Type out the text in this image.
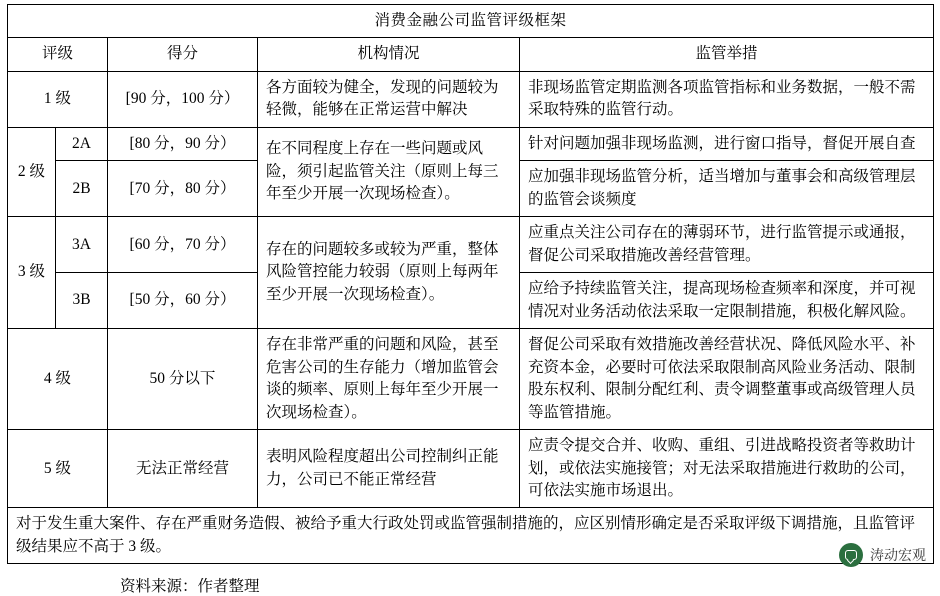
消费金融公司监管评级框架				
评级		得分	机构情况	监管举措
1 级		[90 分，100 分）	各方面较为健全，发现的问题较为轻微，能够在正常运营中解决	非现场监管定期监测各项监管指标和业务数据，一般不需采取特殊的监管行动。
2 级	2A	[80 分，90 分）	在不同程度上存在一些问题或风险，须引起监管关注（原则上每三年至少开展一次现场检查）。	针对问题加强非现场监测，进行窗口指导，督促开展自查
	2B	[70 分，80 分）		应加强非现场监管分析，适当增加与董事会和高级管理层的监管会谈频度
3 级	3A	[60 分，70 分）	存在的问题较多或较为严重，整体风险管控能力较弱（原则上每两年至少开展一次现场检查）。	应重点关注公司存在的薄弱环节，进行监管提示或通报，督促公司采取措施改善经营管理。
	3B	[50 分，60 分）		应给予持续监管关注，提高现场检查频率和深度，并可视情况对业务活动依法采取一定限制措施，积极化解风险。
4 级		50 分以下	存在非常严重的问题和风险，甚至危害公司的生存能力（增加监管会谈的频率、原则上每年至少开展一次现场检查）。	督促公司采取有效措施改善经营状况、降低风险水平、补充资本金，必要时可依法采取限制高风险业务活动、限制股东权利、限制分配红利、责令调整董事或高级管理人员等监管措施。
5 级		无法正常经营	表明风险程度超出公司控制纠正能力，公司已不能正常经营	应责令提交合并、收购、重组、引进战略投资者等救助计划，或依法实施接管；对无法采取措施进行救助的公司，可依法实施市场退出。
对于发生重大案件、存在严重财务造假、被给予重大行政处罚或监管强制措施的，应区别情形确定是否采取评级下调措施，且监管评级结果应不高于 3 级。				
资料来源：作者整理
涛动宏观
